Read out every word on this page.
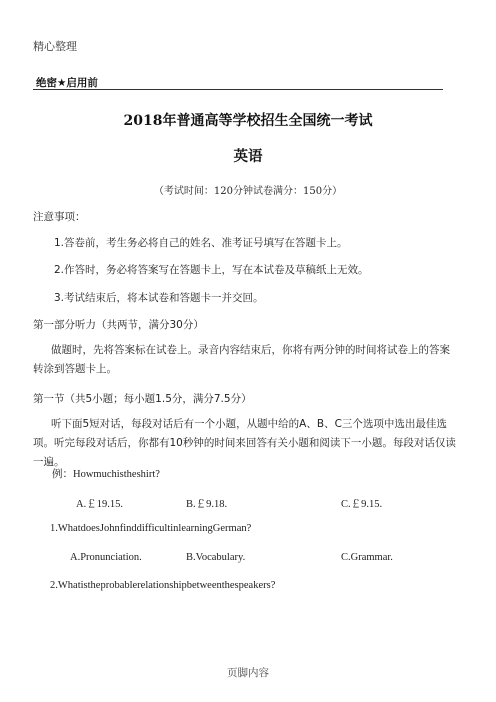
精心整理
绝密★启用前
2018年普通高等学校招生全国统一考试
英语
（考试时间：120分钟试卷满分：150分）
注意事项：
1.答卷前，考生务必将自己的姓名、准考证号填写在答题卡上。
2.作答时，务必将答案写在答题卡上，写在本试卷及草稿纸上无效。
3.考试结束后，将本试卷和答题卡一并交回。
第一部分听力（共两节，满分30分）
做题时，先将答案标在试卷上。录音内容结束后，你将有两分钟的时间将试卷上的答案转涂到答题卡上。
第一节（共5小题；每小题1.5分，满分7.5分）
听下面5短对话，每段对话后有一个小题，从题中给的A、B、C三个选项中选出最佳选项。听完每段对话后，你都有10秒钟的时间来回答有关小题和阅读下一小题。每段对话仅读一遍。
例：Howmuchistheshirt?
A.￡19.15.	B.￡9.18.	C.￡9.15.
1.WhatdoesJohnfinddifficultinlearningGerman?
A.Pronunciation.	B.Vocabulary.	C.Grammar.
2.Whatistheprobablerelationshipbetweenthespeakers?
页脚内容
